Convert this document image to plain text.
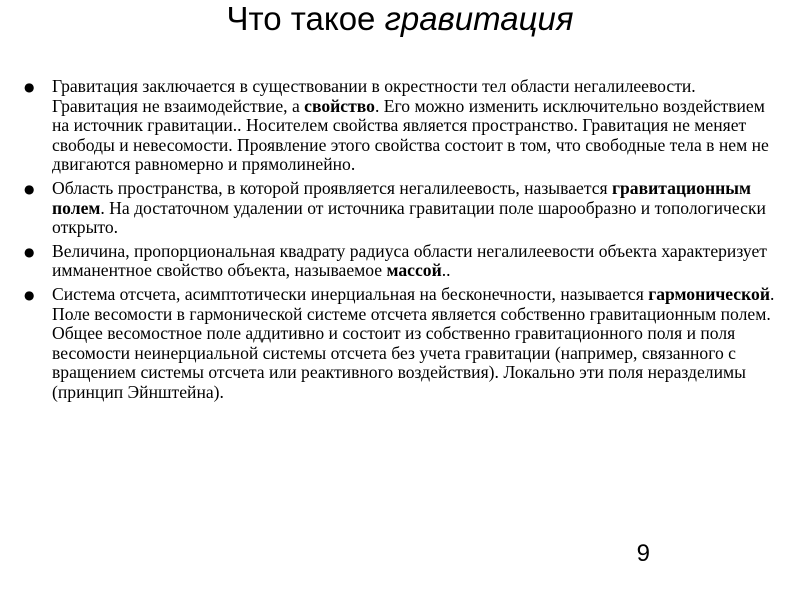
Что такое гравитация
● Гравитация заключается в существовании в окрестности тел области негалилеевости. Гравитация не взаимодействие, а свойство. Его можно изменить исключительно воздействием на источник гравитации.. Носителем свойства является пространство. Гравитация не меняет свободы и невесомости. Проявление этого свойства состоит в том, что свободные тела в нем не двигаются равномерно и прямолинейно.
● Область пространства, в которой проявляется негалилеевость, называется гравитационным полем. На достаточном удалении от источника гравитации поле шарообразно и топологически открыто.
● Величина, пропорциональная квадрату радиуса области негалилеевости объекта характеризует имманентное свойство объекта, называемое массой..
● Система отсчета, асимптотически инерциальная на бесконечности, называется гармонической. Поле весомости в гармонической системе отсчета является собственно гравитационным полем. Общее весомостное поле аддитивно и состоит из собственно гравитационного поля и поля весомости неинерциальной системы отсчета без учета гравитации (например, связанного с вращением системы отсчета или реактивного воздействия). Локально эти поля неразделимы (принцип Эйнштейна).
9
